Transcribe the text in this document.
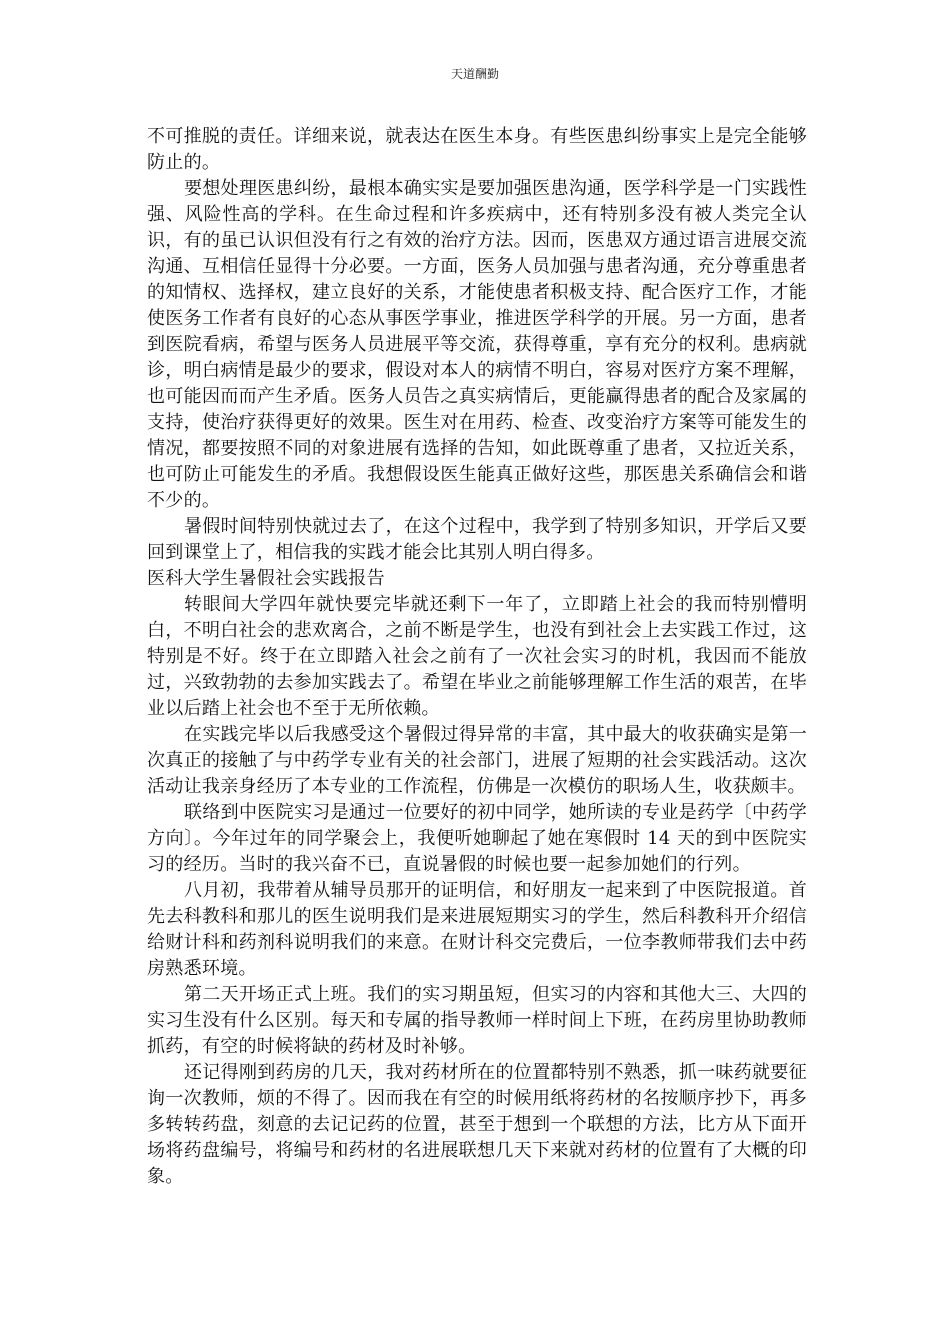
天道酬勤

不可推脱的责任。详细来说，就表达在医生本身。有些医患纠纷事实上是完全能够防止的。

要想处理医患纠纷，最根本确实实是要加强医患沟通，医学科学是一门实践性强、风险性高的学科。在生命过程和许多疾病中，还有特别多没有被人类完全认识，有的虽已认识但没有行之有效的治疗方法。因而，医患双方通过语言进展交流沟通、互相信任显得十分必要。一方面，医务人员加强与患者沟通，充分尊重患者的知情权、选择权，建立良好的关系，才能使患者积极支持、配合医疗工作，才能使医务工作者有良好的心态从事医学事业，推进医学科学的开展。另一方面，患者到医院看病，希望与医务人员进展平等交流，获得尊重，享有充分的权利。患病就诊，明白病情是最少的要求，假设对本人的病情不明白，容易对医疗方案不理解，也可能因而而产生矛盾。医务人员告之真实病情后，更能赢得患者的配合及家属的支持，使治疗获得更好的效果。医生对在用药、检查、改变治疗方案等可能发生的情况，都要按照不同的对象进展有选择的告知，如此既尊重了患者，又拉近关系，也可防止可能发生的矛盾。我想假设医生能真正做好这些，那医患关系确信会和谐不少的。

暑假时间特别快就过去了，在这个过程中，我学到了特别多知识，开学后又要回到课堂上了，相信我的实践才能会比其别人明白得多。

医科大学生暑假社会实践报告

转眼间大学四年就快要完毕就还剩下一年了，立即踏上社会的我而特别懵明白，不明白社会的悲欢离合，之前不断是学生，也没有到社会上去实践工作过，这特别是不好。终于在立即踏入社会之前有了一次社会实习的时机，我因而不能放过，兴致勃勃的去参加实践去了。希望在毕业之前能够理解工作生活的艰苦，在毕业以后踏上社会也不至于无所依赖。

在实践完毕以后我感受这个暑假过得异常的丰富，其中最大的收获确实是第一次真正的接触了与中药学专业有关的社会部门，进展了短期的社会实践活动。这次活动让我亲身经历了本专业的工作流程，仿佛是一次模仿的职场人生，收获颇丰。

联络到中医院实习是通过一位要好的初中同学，她所读的专业是药学〔中药学方向〕。今年过年的同学聚会上，我便听她聊起了她在寒假时 14 天的到中医院实习的经历。当时的我兴奋不已，直说暑假的时候也要一起参加她们的行列。

八月初，我带着从辅导员那开的证明信，和好朋友一起来到了中医院报道。首先去科教科和那儿的医生说明我们是来进展短期实习的学生，然后科教科开介绍信给财计科和药剂科说明我们的来意。在财计科交完费后，一位李教师带我们去中药房熟悉环境。

第二天开场正式上班。我们的实习期虽短，但实习的内容和其他大三、大四的实习生没有什么区别。每天和专属的指导教师一样时间上下班，在药房里协助教师抓药，有空的时候将缺的药材及时补够。

还记得刚到药房的几天，我对药材所在的位置都特别不熟悉，抓一味药就要征询一次教师，烦的不得了。因而我在有空的时候用纸将药材的名按顺序抄下，再多多转转药盘，刻意的去记记药的位置，甚至于想到一个联想的方法，比方从下面开场将药盘编号，将编号和药材的名进展联想几天下来就对药材的位置有了大概的印象。
